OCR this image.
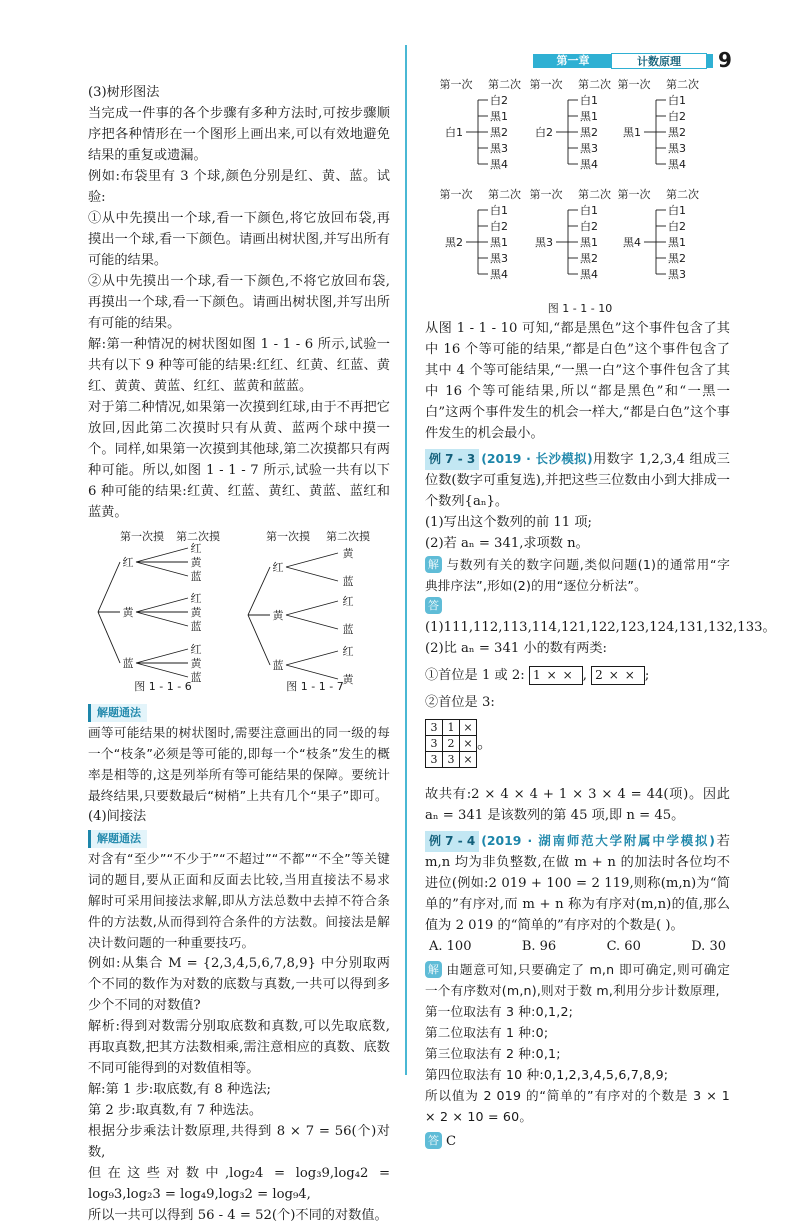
第一章	计数原理	9

(3)树形图法

当完成一件事的各个步骤有多种方法时,可按步骤顺序把各种情形在一个图形上画出来,可以有效地避免结果的重复或遗漏。

例如:布袋里有 3 个球,颜色分别是红、黄、蓝。试验:

①从中先摸出一个球,看一下颜色,将它放回布袋,再摸出一个球,看一下颜色。请画出树状图,并写出所有可能的结果。

②从中先摸出一个球,看一下颜色,不将它放回布袋,再摸出一个球,看一下颜色。请画出树状图,并写出所有可能的结果。

解:第一种情况的树状图如图 1 - 1 - 6 所示,试验一共有以下 9 种等可能的结果:红红、红黄、红蓝、黄红、黄黄、黄蓝、红红、蓝黄和蓝蓝。

对于第二种情况,如果第一次摸到红球,由于不再把它放回,因此第二次摸时只有从黄、蓝两个球中摸一个。同样,如果第一次摸到其他球,第二次摸都只有两种可能。所以,如图 1 - 1 - 7 所示,试验一共有以下 6 种可能的结果:红黄、红蓝、黄红、黄蓝、蓝红和蓝黄。

第一次摸 第二次摸
红
红
黄
蓝
黄
红
黄
蓝
蓝
红
黄
蓝
图 1 - 1 - 6
第一次摸 第二次摸
红
黄
蓝
黄
红
蓝
蓝
红
黄
图 1 - 1 - 7
解题通法

画等可能结果的树状图时,需要注意画出的同一级的每一个“枝条”必须是等可能的,即每一个“枝条”发生的概率是相等的,这是列举所有等可能结果的保障。要统计最终结果,只要数最后“树梢”上共有几个“果子”即可。

(4)间接法

解题通法

对含有“至少”“不少于”“不超过”“不都”“不全”等关键词的题目,要从正面和反面去比较,当用直接法不易求解时可采用间接法求解,即从方法总数中去掉不符合条件的方法数,从而得到符合条件的方法数。间接法是解决计数问题的一种重要技巧。

例如:从集合 M = {2,3,4,5,6,7,8,9} 中分别取两个不同的数作为对数的底数与真数,一共可以得到多少个不同的对数值?

解析:得到对数需分别取底数和真数,可以先取底数,再取真数,把其方法数相乘,需注意相应的真数、底数不同可能得到的对数值相等。

解:第 1 步:取底数,有 8 种选法;

第 2 步:取真数,有 7 种选法。

根据分步乘法计数原理,共得到 8 × 7 = 56(个)对数,

但在这些对数中,log₂4 = log₃9,log₄2 = log₉3,log₂3 = log₄9,log₃2 = log₉4,

所以一共可以得到 56 - 4 = 52(个)不同的对数值。

第一次 第二次
白1
白2
黑1
黑2
黑3
黑4
第一次 第二次
白2
白1
黑1
黑2
黑3
黑4
第一次 第二次
黑1
白1
白2
黑2
黑3
黑4
第一次 第二次
黑2
白1
白2
黑1
黑3
黑4
第一次 第二次
黑3
白1
白2
黑1
黑2
黑4
第一次 第二次
黑4
白1
白2
黑1
黑2
黑3
图 1 - 1 - 10

从图 1 - 1 - 10 可知,“都是黑色”这个事件包含了其中 16 个等可能的结果,“都是白色”这个事件包含了其中 4 个等可能结果,“一黑一白”这个事件包含了其中 16 个等可能结果,所以“都是黑色”和“一黑一白”这两个事件发生的机会一样大,“都是白色”这个事件发生的机会最小。

例 7 - 3 (2019 · 长沙模拟)用数字 1,2,3,4 组成三位数(数字可重复选),并把这些三位数由小到大排成一个数列{aₙ}。

(1)写出这个数列的前 11 项;

(2)若 aₙ = 341,求项数 n。

解 与数列有关的数字问题,类似问题(1)的通常用“字典排序法”,形如(2)的用“逐位分析法”。

答(1)111,112,113,114,121,122,123,124,131,132,133。

(2)比 aₙ = 341 小的数有两类:

①首位是 1 或 2: 1×× , 2×× ;

②首位是 3:

3	1	×
3	2	×
3	3	×。

故共有:2 × 4 × 4 + 1 × 3 × 4 = 44(项)。因此 aₙ = 341 是该数列的第 45 项,即 n = 45。

例 7 - 4 (2019 · 湖南师范大学附属中学模拟)若 m,n 均为非负整数,在做 m + n 的加法时各位均不进位(例如:2 019 + 100 = 2 119,则称(m,n)为“简单的”有序对,而 m + n 称为有序对(m,n)的值,那么值为 2 019 的“简单的”有序对的个数是( )。

A. 100	B. 96	C. 60	D. 30

解 由题意可知,只要确定了 m,n 即可确定,则可确定一个有序数对(m,n),则对于数 m,利用分步计数原理,

第一位取法有 3 种:0,1,2;

第二位取法有 1 种:0;

第三位取法有 2 种:0,1;

第四位取法有 10 种:0,1,2,3,4,5,6,7,8,9;

所以值为 2 019 的“简单的”有序对的个数是 3 × 1 × 2 × 10 = 60。

答 C
